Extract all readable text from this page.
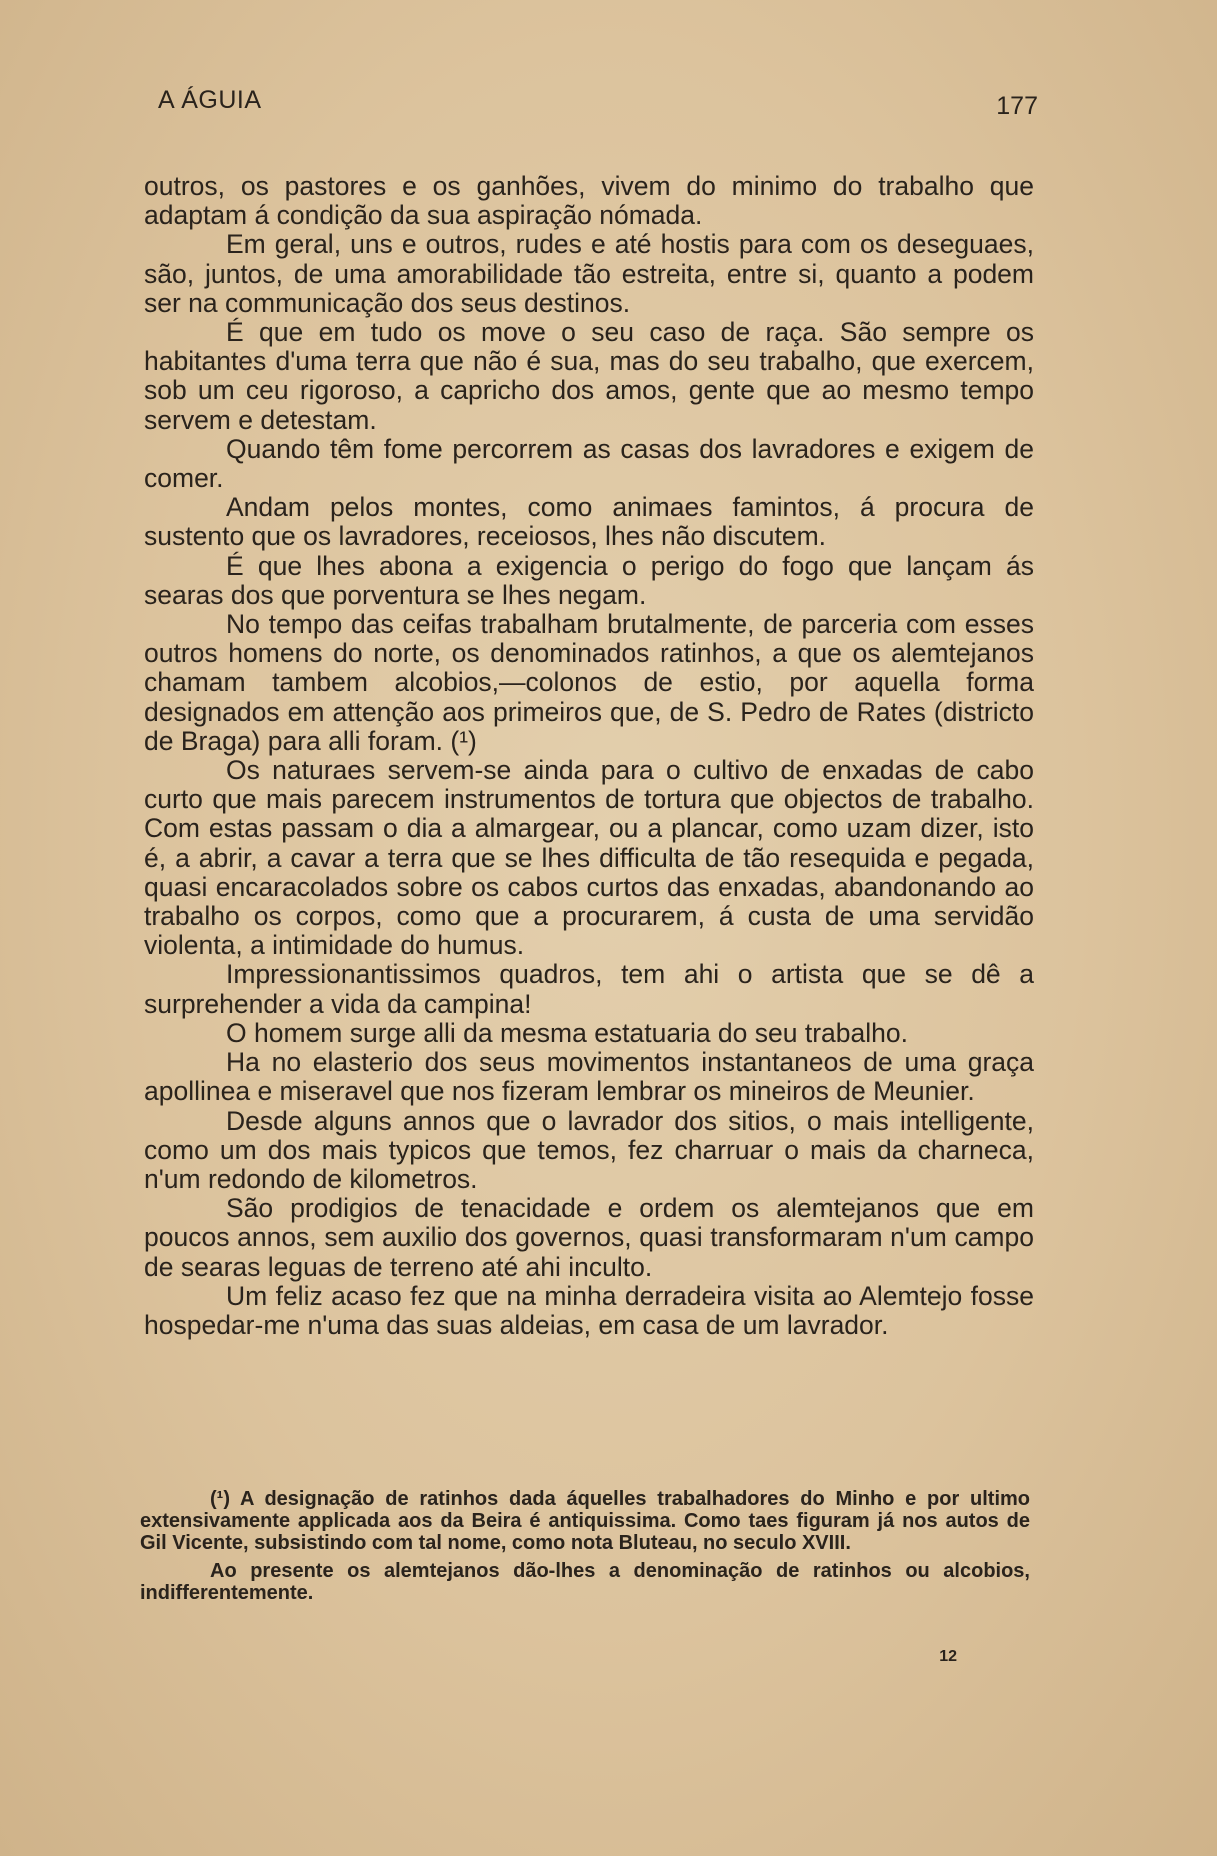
A ÁGUIA	177

outros, os pastores e os ganhões, vivem do minimo do trabalho que adaptam á condição da sua aspiração nómada.

Em geral, uns e outros, rudes e até hostis para com os deseguaes, são, juntos, de uma amorabilidade tão estreita, entre si, quanto a podem ser na communicação dos seus destinos.

É que em tudo os move o seu caso de raça. São sempre os habitantes d'uma terra que não é sua, mas do seu trabalho, que exercem, sob um ceu rigoroso, a capricho dos amos, gente que ao mesmo tempo servem e detestam.

Quando têm fome percorrem as casas dos lavradores e exigem de comer.

Andam pelos montes, como animaes famintos, á procura de sustento que os lavradores, receiosos, lhes não discutem.

É que lhes abona a exigencia o perigo do fogo que lançam ás searas dos que porventura se lhes negam.

No tempo das ceifas trabalham brutalmente, de parceria com esses outros homens do norte, os denominados ratinhos, a que os alemtejanos chamam tambem alcobios,—colonos de estio, por aquella forma designados em attenção aos primeiros que, de S. Pedro de Rates (districto de Braga) para alli foram. (¹)

Os naturaes servem-se ainda para o cultivo de enxadas de cabo curto que mais parecem instrumentos de tortura que objectos de trabalho. Com estas passam o dia a almargear, ou a plancar, como uzam dizer, isto é, a abrir, a cavar a terra que se lhes difficulta de tão resequida e pegada, quasi encaracolados sobre os cabos curtos das enxadas, abandonando ao trabalho os corpos, como que a procurarem, á custa de uma servidão violenta, a intimidade do humus.

Impressionantissimos quadros, tem ahi o artista que se dê a surprehender a vida da campina!

O homem surge alli da mesma estatuaria do seu trabalho.

Ha no elasterio dos seus movimentos instantaneos de uma graça apollinea e miseravel que nos fizeram lembrar os mineiros de Meunier.

Desde alguns annos que o lavrador dos sitios, o mais intelligente, como um dos mais typicos que temos, fez charruar o mais da charneca, n'um redondo de kilometros.

São prodigios de tenacidade e ordem os alemtejanos que em poucos annos, sem auxilio dos governos, quasi transformaram n'um campo de searas leguas de terreno até ahi inculto.

Um feliz acaso fez que na minha derradeira visita ao Alemtejo fosse hospedar-me n'uma das suas aldeias, em casa de um lavrador.

(¹) A designação de ratinhos dada áquelles trabalhadores do Minho e por ultimo extensivamente applicada aos da Beira é antiquissima. Como taes figuram já nos autos de Gil Vicente, subsistindo com tal nome, como nota Bluteau, no seculo XVIII.

Ao presente os alemtejanos dão-lhes a denominação de ratinhos ou alcobios, indifferentemente.

12
